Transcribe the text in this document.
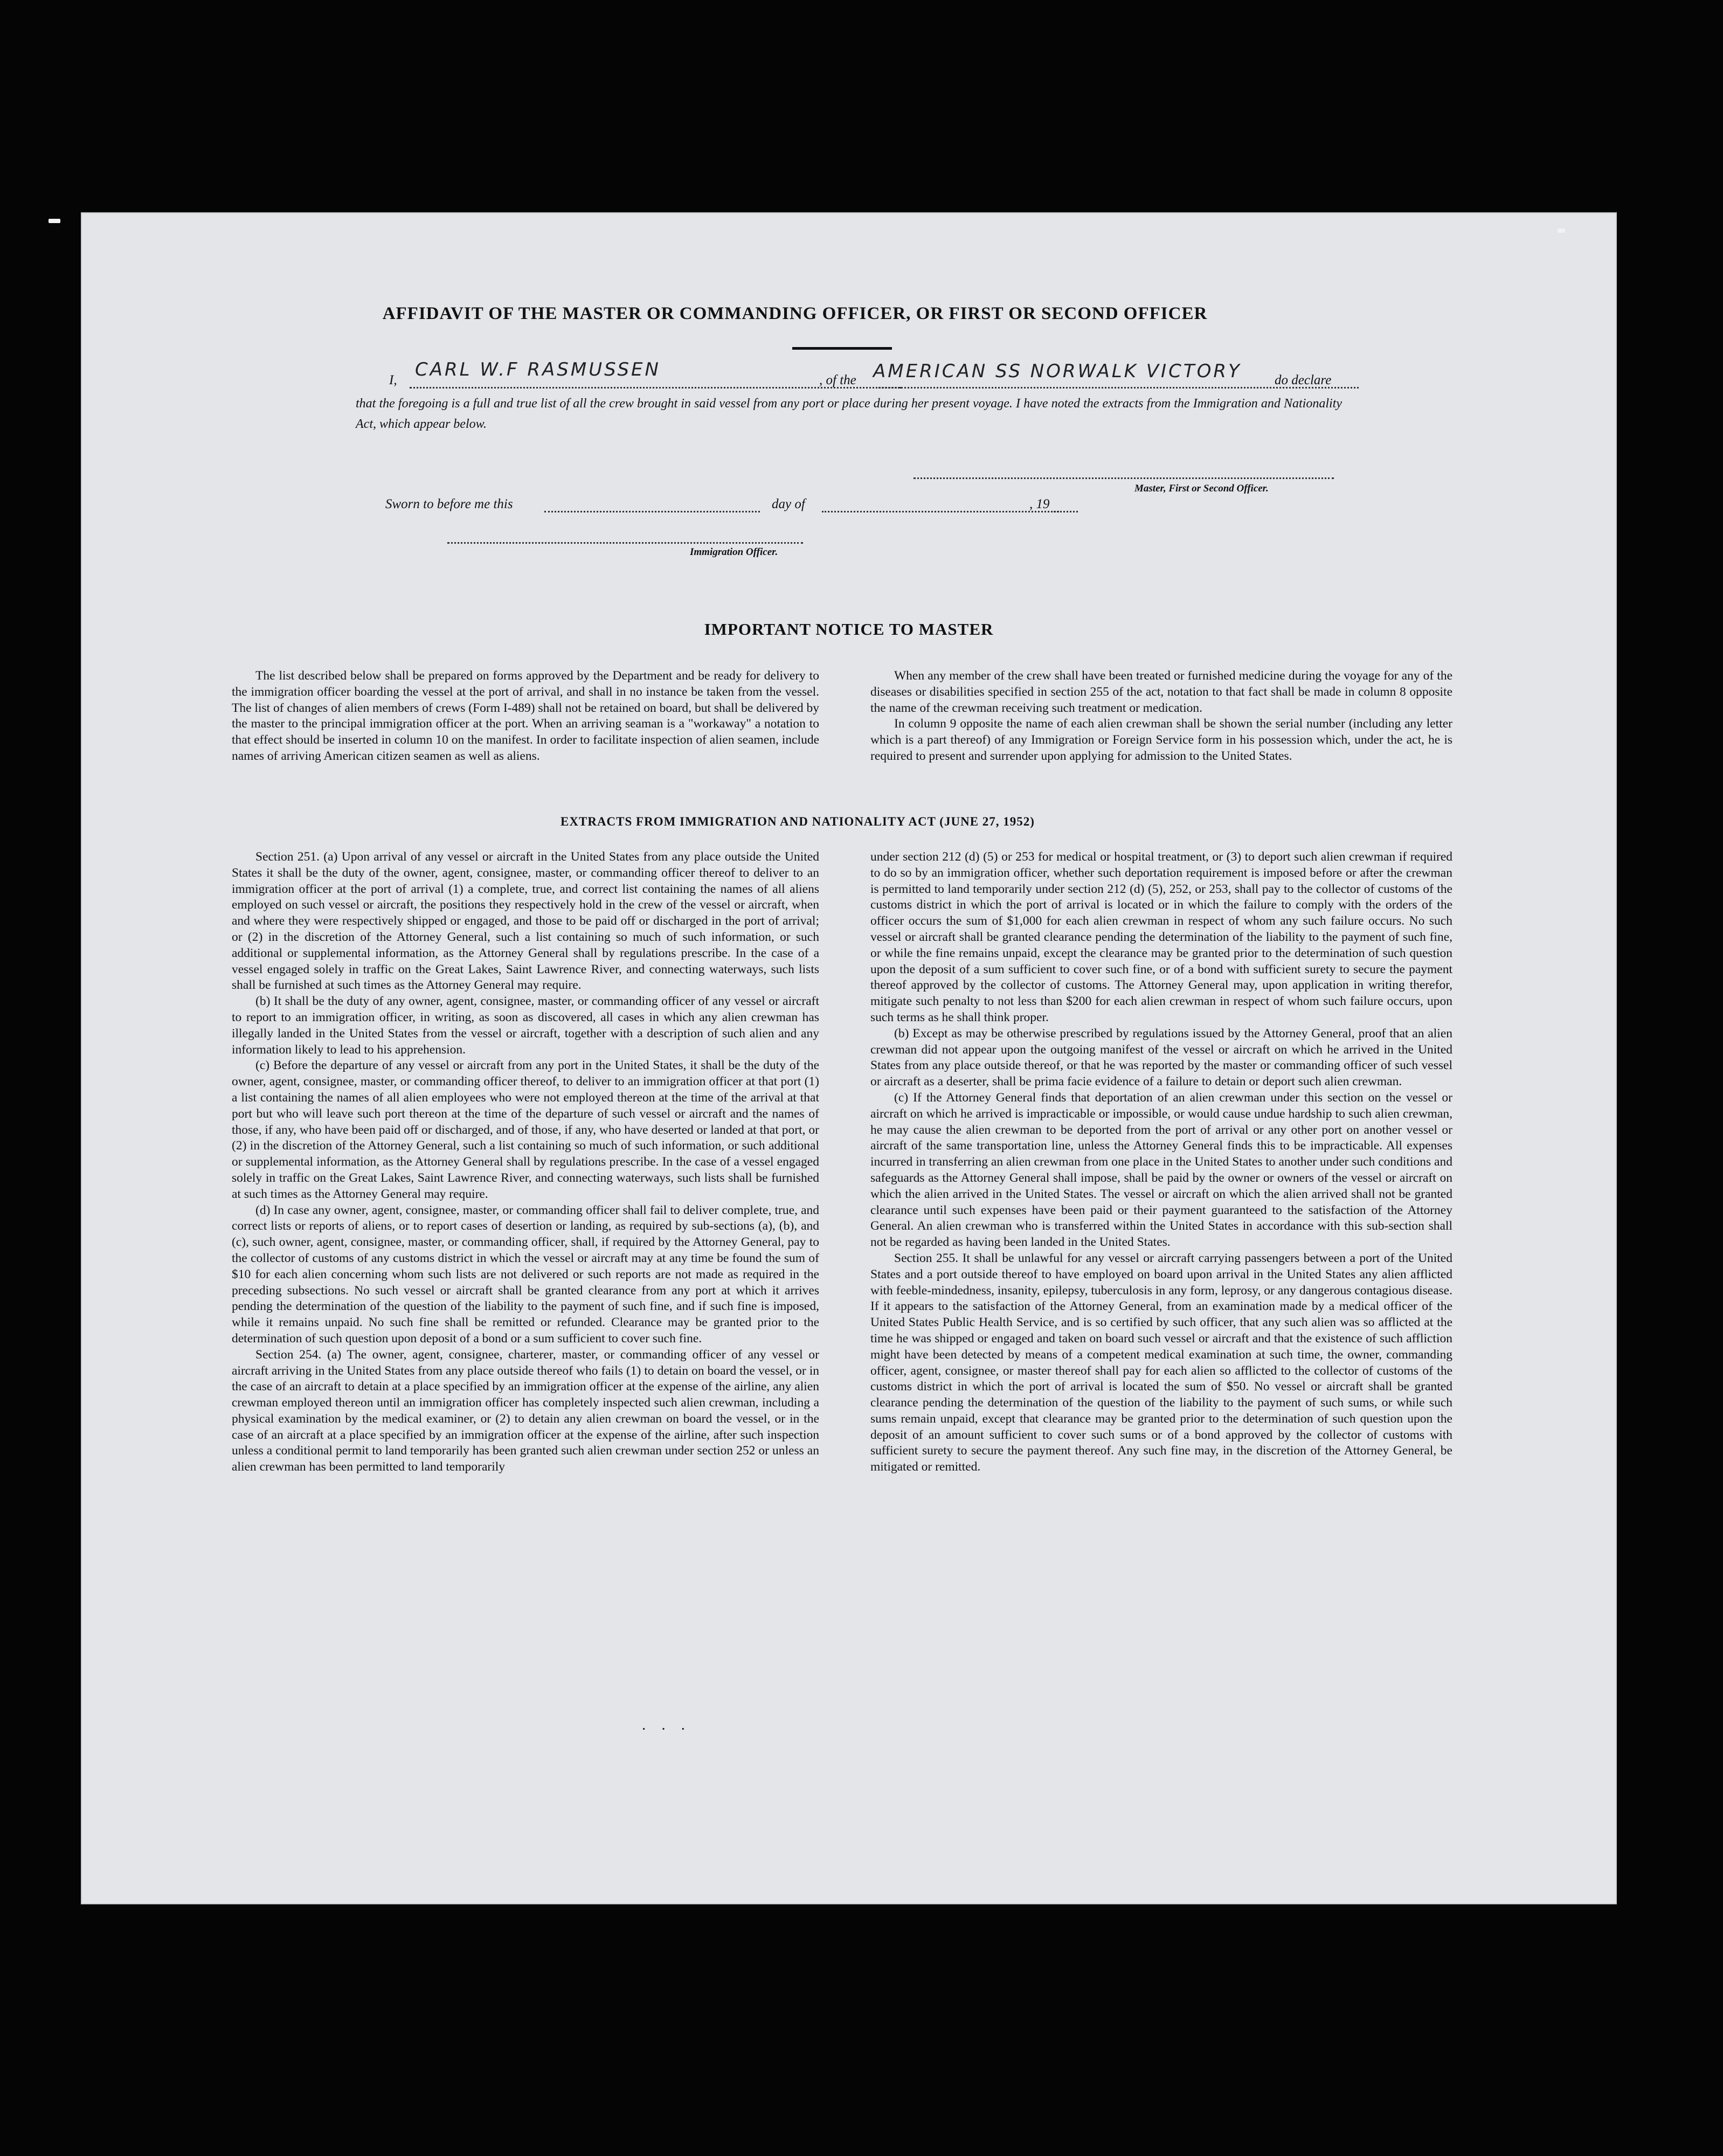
AFFIDAVIT OF THE MASTER OR COMMANDING OFFICER, OR FIRST OR SECOND OFFICER
I, CARL W.F RASMUSSEN	, of the AMERICAN SS NORWALK VICTORY do declare
that the foregoing is a full and true list of all the crew brought in said vessel from any port or place during her present voyage. I have noted the extracts from the Immigration and Nationality Act, which appear below.
Master, First or Second Officer.
Sworn to before me this	day of	, 19
Immigration Officer.
IMPORTANT NOTICE TO MASTER

The list described below shall be prepared on forms approved by the Department and be ready for delivery to the immigration officer boarding the vessel at the port of arrival, and shall in no instance be taken from the vessel. The list of changes of alien members of crews (Form I-489) shall not be retained on board, but shall be delivered by the master to the principal immigration officer at the port. When an arriving seaman is a "workaway" a notation to that effect should be inserted in column 10 on the manifest. In order to facilitate inspection of alien seamen, include names of arriving American citizen seamen as well as aliens.

When any member of the crew shall have been treated or furnished medicine during the voyage for any of the diseases or disabilities specified in section 255 of the act, notation to that fact shall be made in column 8 opposite the name of the crewman receiving such treatment or medication.

In column 9 opposite the name of each alien crewman shall be shown the serial number (including any letter which is a part thereof) of any Immigration or Foreign Service form in his possession which, under the act, he is required to present and surrender upon applying for admission to the United States.

EXTRACTS FROM IMMIGRATION AND NATIONALITY ACT (JUNE 27, 1952)

Section 251. (a) Upon arrival of any vessel or aircraft in the United States from any place outside the United States it shall be the duty of the owner, agent, consignee, master, or commanding officer thereof to deliver to an immigration officer at the port of arrival (1) a complete, true, and correct list containing the names of all aliens employed on such vessel or aircraft, the positions they respectively hold in the crew of the vessel or aircraft, when and where they were respectively shipped or engaged, and those to be paid off or discharged in the port of arrival; or (2) in the discretion of the Attorney General, such a list containing so much of such information, or such additional or supplemental information, as the Attorney General shall by regulations prescribe. In the case of a vessel engaged solely in traffic on the Great Lakes, Saint Lawrence River, and connecting waterways, such lists shall be furnished at such times as the Attorney General may require.

(b) It shall be the duty of any owner, agent, consignee, master, or commanding officer of any vessel or aircraft to report to an immigration officer, in writing, as soon as discovered, all cases in which any alien crewman has illegally landed in the United States from the vessel or aircraft, together with a description of such alien and any information likely to lead to his apprehension.

(c) Before the departure of any vessel or aircraft from any port in the United States, it shall be the duty of the owner, agent, consignee, master, or commanding officer thereof, to deliver to an immigration officer at that port (1) a list containing the names of all alien employees who were not employed thereon at the time of the arrival at that port but who will leave such port thereon at the time of the departure of such vessel or aircraft and the names of those, if any, who have been paid off or discharged, and of those, if any, who have deserted or landed at that port, or (2) in the discretion of the Attorney General, such a list containing so much of such information, or such additional or supplemental information, as the Attorney General shall by regulations prescribe. In the case of a vessel engaged solely in traffic on the Great Lakes, Saint Lawrence River, and connecting waterways, such lists shall be furnished at such times as the Attorney General may require.

(d) In case any owner, agent, consignee, master, or commanding officer shall fail to deliver complete, true, and correct lists or reports of aliens, or to report cases of desertion or landing, as required by sub-sections (a), (b), and (c), such owner, agent, consignee, master, or commanding officer, shall, if required by the Attorney General, pay to the collector of customs of any customs district in which the vessel or aircraft may at any time be found the sum of $10 for each alien concerning whom such lists are not delivered or such reports are not made as required in the preceding subsections. No such vessel or aircraft shall be granted clearance from any port at which it arrives pending the determination of the question of the liability to the payment of such fine, and if such fine is imposed, while it remains unpaid. No such fine shall be remitted or refunded. Clearance may be granted prior to the determination of such question upon deposit of a bond or a sum sufficient to cover such fine.

Section 254. (a) The owner, agent, consignee, charterer, master, or commanding officer of any vessel or aircraft arriving in the United States from any place outside thereof who fails (1) to detain on board the vessel, or in the case of an aircraft to detain at a place specified by an immigration officer at the expense of the airline, any alien crewman employed thereon until an immigration officer has completely inspected such alien crewman, including a physical examination by the medical examiner, or (2) to detain any alien crewman on board the vessel, or in the case of an aircraft at a place specified by an immigration officer at the expense of the airline, after such inspection unless a conditional permit to land temporarily has been granted such alien crewman under section 252 or unless an alien crewman has been permitted to land temporarily

under section 212 (d) (5) or 253 for medical or hospital treatment, or (3) to deport such alien crewman if required to do so by an immigration officer, whether such deportation requirement is imposed before or after the crewman is permitted to land temporarily under section 212 (d) (5), 252, or 253, shall pay to the collector of customs of the customs district in which the port of arrival is located or in which the failure to comply with the orders of the officer occurs the sum of $1,000 for each alien crewman in respect of whom any such failure occurs. No such vessel or aircraft shall be granted clearance pending the determination of the liability to the payment of such fine, or while the fine remains unpaid, except the clearance may be granted prior to the determination of such question upon the deposit of a sum sufficient to cover such fine, or of a bond with sufficient surety to secure the payment thereof approved by the collector of customs. The Attorney General may, upon application in writing therefor, mitigate such penalty to not less than $200 for each alien crewman in respect of whom such failure occurs, upon such terms as he shall think proper.

(b) Except as may be otherwise prescribed by regulations issued by the Attorney General, proof that an alien crewman did not appear upon the outgoing manifest of the vessel or aircraft on which he arrived in the United States from any place outside thereof, or that he was reported by the master or commanding officer of such vessel or aircraft as a deserter, shall be prima facie evidence of a failure to detain or deport such alien crewman.

(c) If the Attorney General finds that deportation of an alien crewman under this section on the vessel or aircraft on which he arrived is impracticable or impossible, or would cause undue hardship to such alien crewman, he may cause the alien crewman to be deported from the port of arrival or any other port on another vessel or aircraft of the same transportation line, unless the Attorney General finds this to be impracticable. All expenses incurred in transferring an alien crewman from one place in the United States to another under such conditions and safeguards as the Attorney General shall impose, shall be paid by the owner or owners of the vessel or aircraft on which the alien arrived in the United States. The vessel or aircraft on which the alien arrived shall not be granted clearance until such expenses have been paid or their payment guaranteed to the satisfaction of the Attorney General. An alien crewman who is transferred within the United States in accordance with this sub-section shall not be regarded as having been landed in the United States.

Section 255. It shall be unlawful for any vessel or aircraft carrying passengers between a port of the United States and a port outside thereof to have employed on board upon arrival in the United States any alien afflicted with feeble-mindedness, insanity, epilepsy, tuberculosis in any form, leprosy, or any dangerous contagious disease. If it appears to the satisfaction of the Attorney General, from an examination made by a medical officer of the United States Public Health Service, and is so certified by such officer, that any such alien was so afflicted at the time he was shipped or engaged and taken on board such vessel or aircraft and that the existence of such affliction might have been detected by means of a competent medical examination at such time, the owner, commanding officer, agent, consignee, or master thereof shall pay for each alien so afflicted to the collector of customs of the customs district in which the port of arrival is located the sum of $50. No vessel or aircraft shall be granted clearance pending the determination of the question of the liability to the payment of such sums, or while such sums remain unpaid, except that clearance may be granted prior to the determination of such question upon the deposit of an amount sufficient to cover such sums or of a bond approved by the collector of customs with sufficient surety to secure the payment thereof. Any such fine may, in the discretion of the Attorney General, be mitigated or remitted.

· · ·
